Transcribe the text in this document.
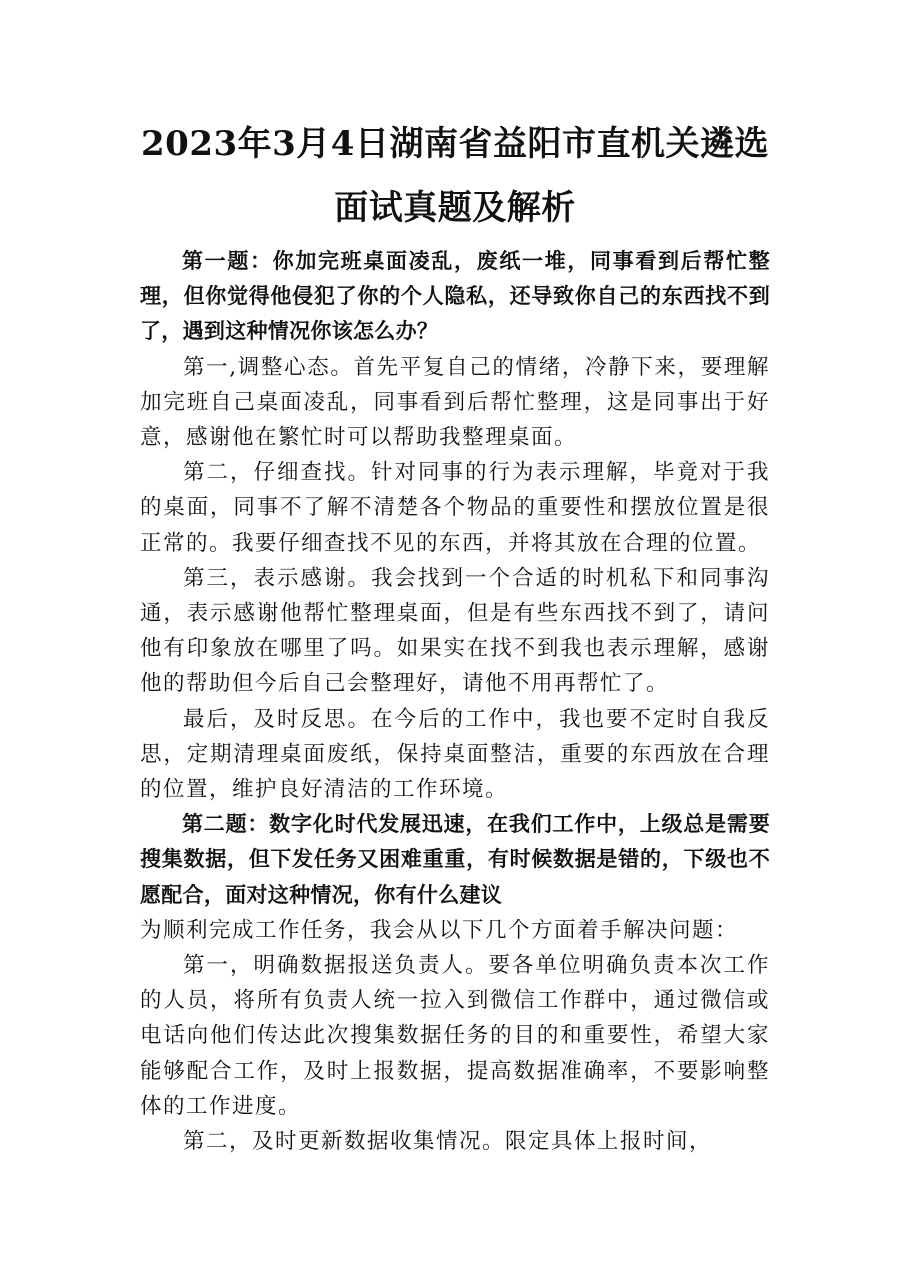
2023年3月4日湖南省益阳市直机关遴选
面试真题及解析

第一题：你加完班桌面凌乱，废纸一堆，同事看到后帮忙整理，但你觉得他侵犯了你的个人隐私，还导致你自己的东西找不到了，遇到这种情况你该怎么办？

第一,调整心态。首先平复自己的情绪，冷静下来，要理解加完班自己桌面凌乱，同事看到后帮忙整理，这是同事出于好意，感谢他在繁忙时可以帮助我整理桌面。

第二，仔细查找。针对同事的行为表示理解，毕竟对于我的桌面，同事不了解不清楚各个物品的重要性和摆放位置是很正常的。我要仔细查找不见的东西，并将其放在合理的位置。

第三，表示感谢。我会找到一个合适的时机私下和同事沟通，表示感谢他帮忙整理桌面，但是有些东西找不到了，请问他有印象放在哪里了吗。如果实在找不到我也表示理解，感谢他的帮助但今后自己会整理好，请他不用再帮忙了。

最后，及时反思。在今后的工作中，我也要不定时自我反思，定期清理桌面废纸，保持桌面整洁，重要的东西放在合理的位置，维护良好清洁的工作环境。

第二题：数字化时代发展迅速，在我们工作中，上级总是需要搜集数据，但下发任务又困难重重，有时候数据是错的，下级也不愿配合，面对这种情况，你有什么建议

为顺利完成工作任务，我会从以下几个方面着手解决问题：

第一，明确数据报送负责人。要各单位明确负责本次工作的人员，将所有负责人统一拉入到微信工作群中，通过微信或电话向他们传达此次搜集数据任务的目的和重要性，希望大家能够配合工作，及时上报数据，提高数据准确率，不要影响整体的工作进度。

第二，及时更新数据收集情况。限定具体上报时间，
